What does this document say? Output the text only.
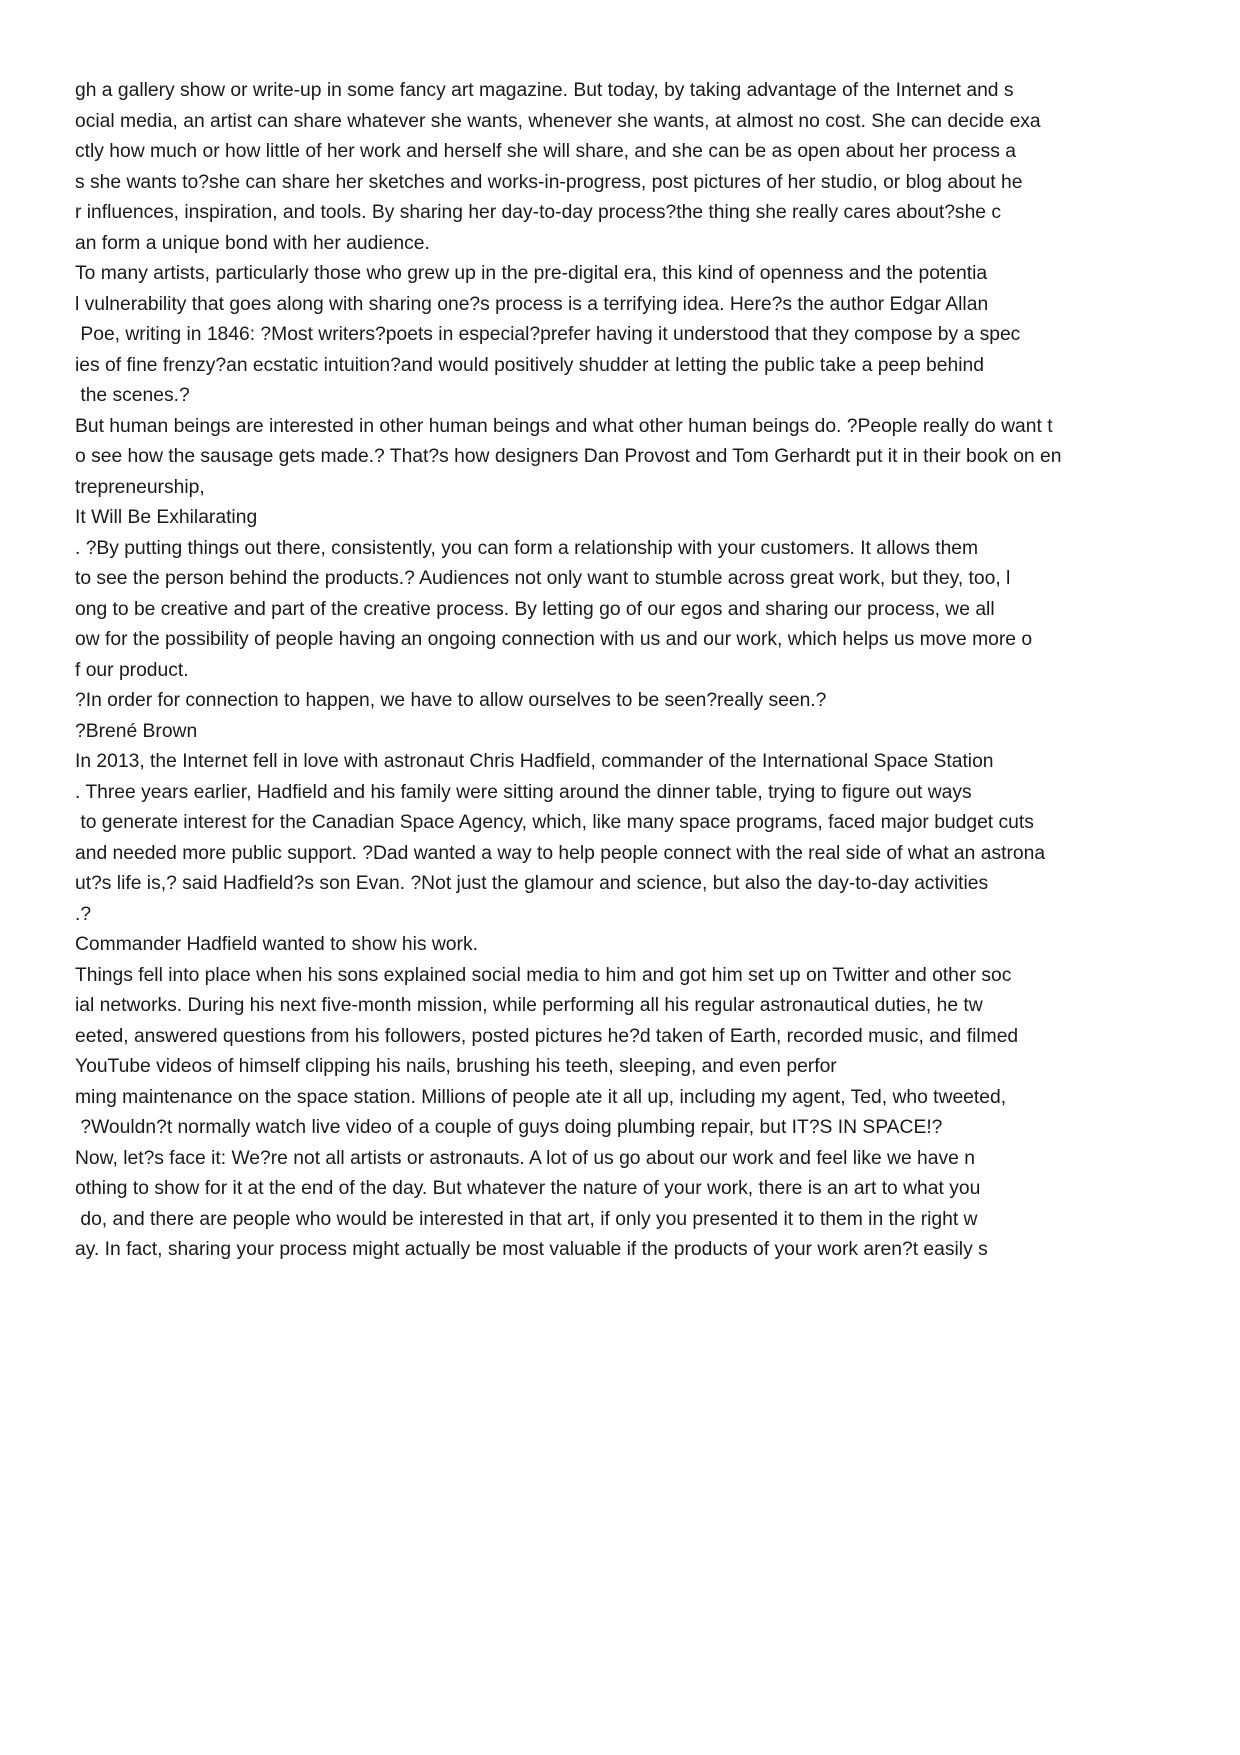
gh a gallery show or write-up in some fancy art magazine. But today, by taking advantage of the Internet and s
ocial media, an artist can share whatever she wants, whenever she wants, at almost no cost. She can decide exa
ctly how much or how little of her work and herself she will share, and she can be as open about her process a
s she wants to?she can share her sketches and works-in-progress, post pictures of her studio, or blog about he
r influences, inspiration, and tools. By sharing her day-to-day process?the thing she really cares about?she c
an form a unique bond with her audience.
To many artists, particularly those who grew up in the pre-digital era, this kind of openness and the potentia
l vulnerability that goes along with sharing one?s process is a terrifying idea. Here?s the author Edgar Allan
Poe, writing in 1846: ?Most writers?poets in especial?prefer having it understood that they compose by a spec
ies of fine frenzy?an ecstatic intuition?and would positively shudder at letting the public take a peep behind
the scenes.?
But human beings are interested in other human beings and what other human beings do. ?People really do want t
o see how the sausage gets made.? That?s how designers Dan Provost and Tom Gerhardt put it in their book on en
trepreneurship,
It Will Be Exhilarating
. ?By putting things out there, consistently, you can form a relationship with your customers. It allows them
to see the person behind the products.? Audiences not only want to stumble across great work, but they, too, l
ong to be creative and part of the creative process. By letting go of our egos and sharing our process, we all
ow for the possibility of people having an ongoing connection with us and our work, which helps us move more o
f our product.
?In order for connection to happen, we have to allow ourselves to be seen?really seen.?
?Brené Brown
In 2013, the Internet fell in love with astronaut Chris Hadfield, commander of the International Space Station
. Three years earlier, Hadfield and his family were sitting around the dinner table, trying to figure out ways
to generate interest for the Canadian Space Agency, which, like many space programs, faced major budget cuts
and needed more public support. ?Dad wanted a way to help people connect with the real side of what an astrona
ut?s life is,? said Hadfield?s son Evan. ?Not just the glamour and science, but also the day-to-day activities
.?
Commander Hadfield wanted to show his work.
Things fell into place when his sons explained social media to him and got him set up on Twitter and other soc
ial networks. During his next five-month mission, while performing all his regular astronautical duties, he tw
eeted, answered questions from his followers, posted pictures he?d taken of Earth, recorded music, and filmed
YouTube videos of himself clipping his nails, brushing his teeth, sleeping, and even perfor
ming maintenance on the space station. Millions of people ate it all up, including my agent, Ted, who tweeted,
?Wouldn?t normally watch live video of a couple of guys doing plumbing repair, but IT?S IN SPACE!?
Now, let?s face it: We?re not all artists or astronauts. A lot of us go about our work and feel like we have n
othing to show for it at the end of the day. But whatever the nature of your work, there is an art to what you
do, and there are people who would be interested in that art, if only you presented it to them in the right w
ay. In fact, sharing your process might actually be most valuable if the products of your work aren?t easily s
